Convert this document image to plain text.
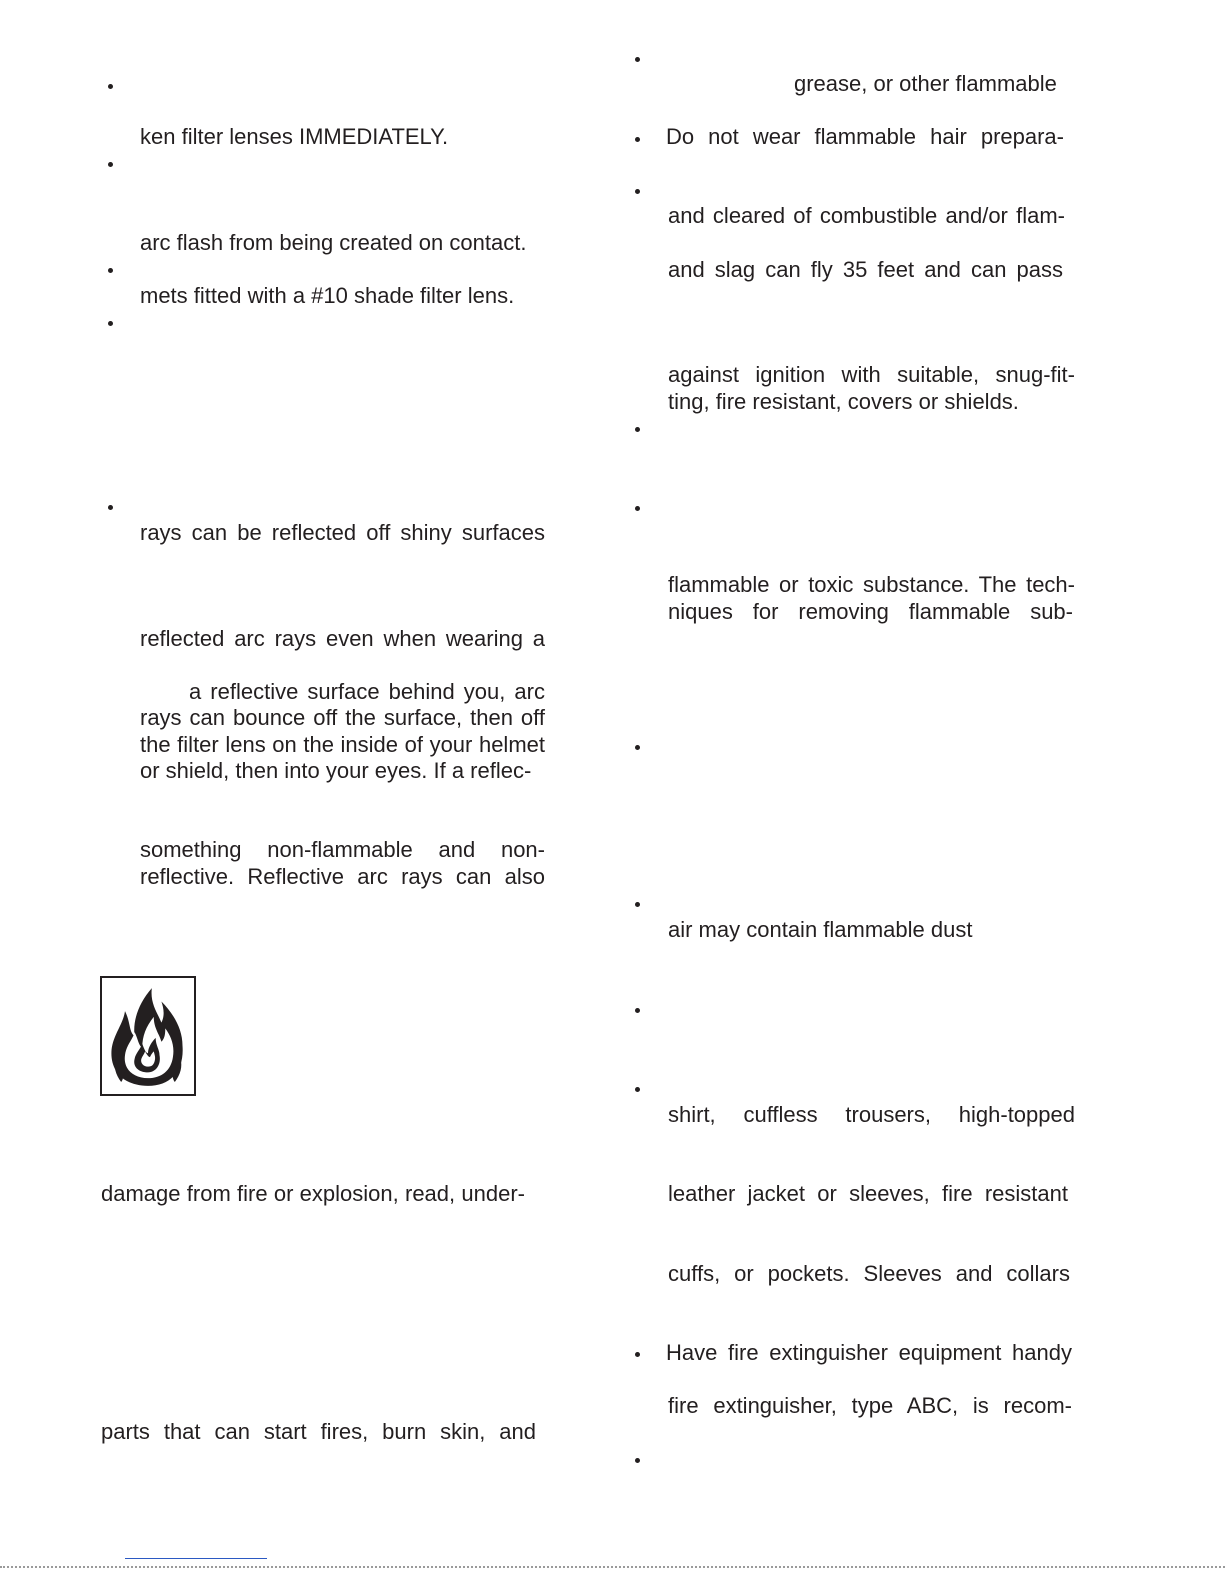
ken filter lenses IMMEDIATELY.
arc flash from being created on contact.
mets fitted with a #10 shade filter lens.
rays can be reflected off shiny surfaces
reflected arc rays even when wearing a
a reflective surface behind you, arc
rays can bounce off the surface, then off
the filter lens on the inside of your helmet
or shield, then into your eyes. If a reflec-
something non-flammable and non-
reflective. Reflective arc rays can also
damage from fire or explosion, read, under-
parts that can start fires, burn skin, and
grease, or other flammable
Do not wear flammable hair prepara-
and cleared of combustible and/or flam-
and slag can fly 35 feet and can pass
against ignition with suitable, snug-fit-
ting, fire resistant, covers or shields.
flammable or toxic substance. The tech-
niques for removing flammable sub-
air may contain flammable dust
shirt, cuffless trousers, high-topped
leather jacket or sleeves, fire resistant
cuffs, or pockets. Sleeves and collars
Have fire extinguisher equipment handy
fire extinguisher, type ABC, is recom-
